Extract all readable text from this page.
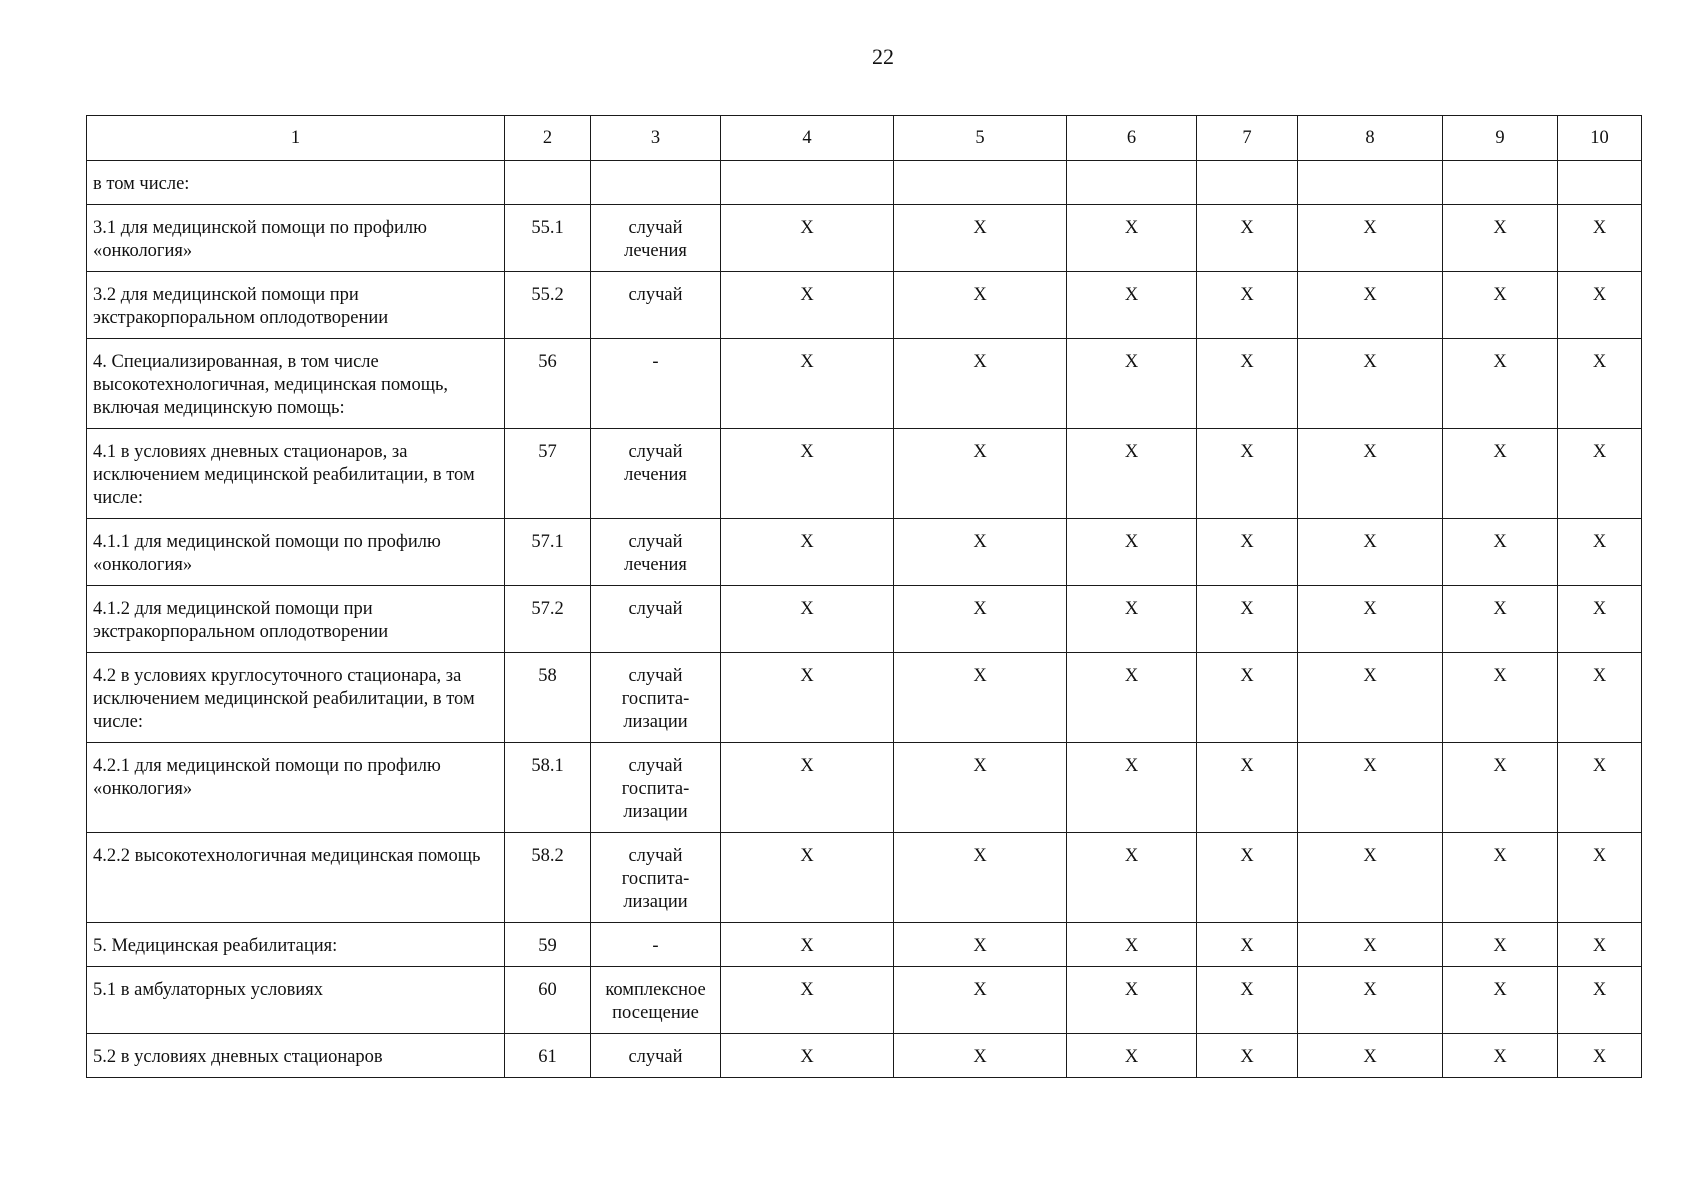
22
1	2	3	4	5	6	7	8	9	10
в том числе:									
3.1 для медицинской помощи по профилю «онкология»	55.1	случай лечения	X	X	X	X	X	X	X
3.2 для медицинской помощи при экстракорпоральном оплодотворении	55.2	случай	X	X	X	X	X	X	X
4. Специализированная, в том числе высокотехнологичная, медицинская помощь, включая медицинскую помощь:	56	-	X	X	X	X	X	X	X
4.1 в условиях дневных стационаров, за исключением медицинской реабилитации, в том числе:	57	случай лечения	X	X	X	X	X	X	X
4.1.1 для медицинской помощи по профилю «онкология»	57.1	случай лечения	X	X	X	X	X	X	X
4.1.2 для медицинской помощи при экстракорпоральном оплодотворении	57.2	случай	X	X	X	X	X	X	X
4.2 в условиях круглосуточного стационара, за исключением медицинской реабилитации, в том числе:	58	случай госпита-лизации	X	X	X	X	X	X	X
4.2.1 для медицинской помощи по профилю «онкология»	58.1	случай госпита-лизации	X	X	X	X	X	X	X
4.2.2 высокотехнологичная медицинская помощь	58.2	случай госпита-лизации	X	X	X	X	X	X	X
5. Медицинская реабилитация:	59	-	X	X	X	X	X	X	X
5.1 в амбулаторных условиях	60	комплексное посещение	X	X	X	X	X	X	X
5.2 в условиях дневных стационаров	61	случай	X	X	X	X	X	X	X
